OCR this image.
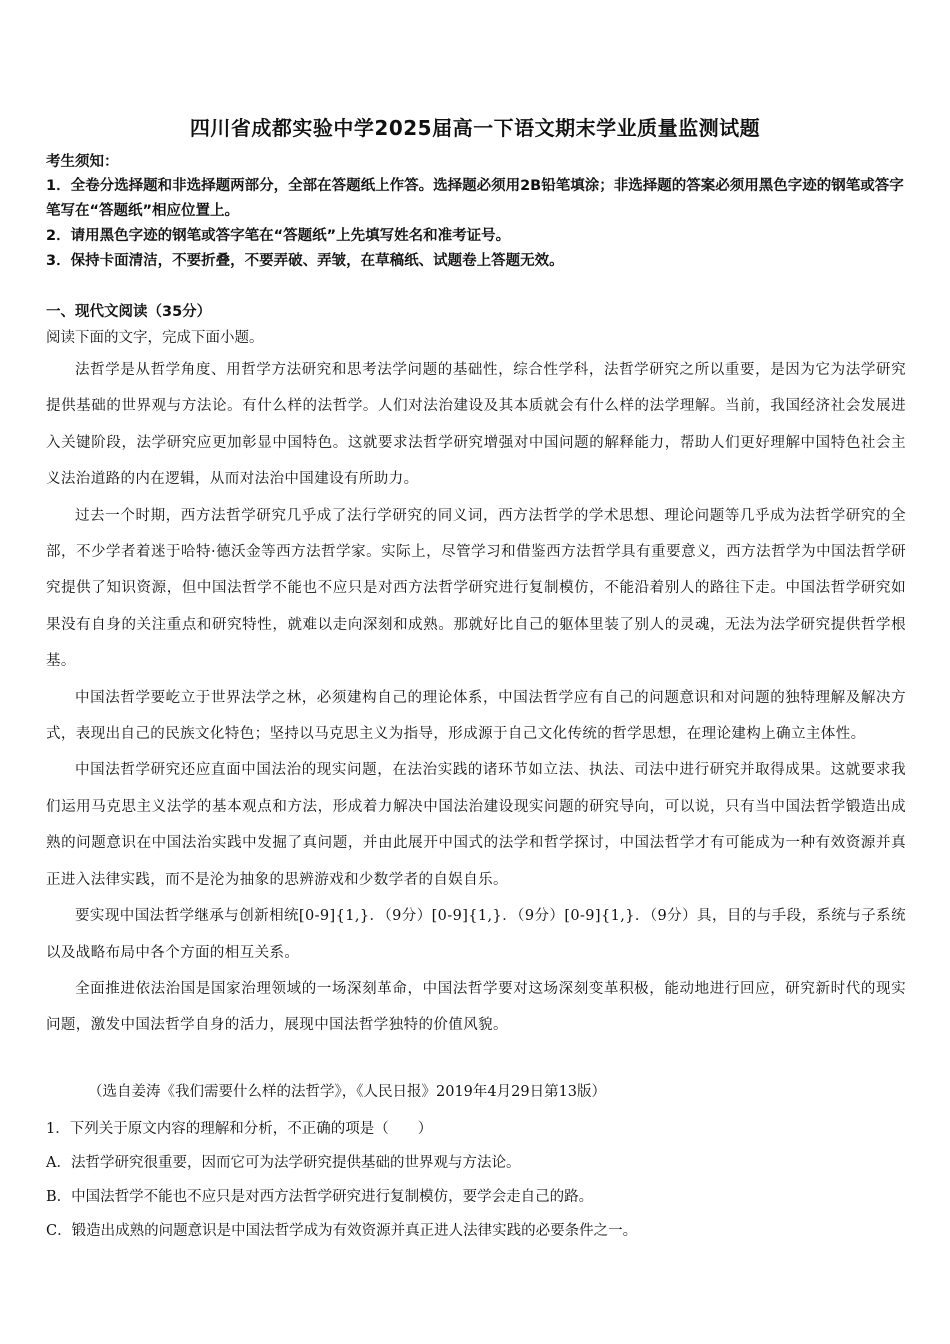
四川省成都实验中学2025届高一下语文期末学业质量监测试题
考生须知：

1．全卷分选择题和非选择题两部分，全部在答题纸上作答。选择题必须用2B铅笔填涂；非选择题的答案必须用黑色字迹的钢笔或答字笔写在“答题纸”相应位置上。

2．请用黑色字迹的钢笔或答字笔在“答题纸”上先填写姓名和准考证号。

3．保持卡面清洁，不要折叠，不要弄破、弄皱，在草稿纸、试题卷上答题无效。

一、现代文阅读（35分）
阅读下面的文字，完成下面小题。

法哲学是从哲学角度、用哲学方法研究和思考法学问题的基础性，综合性学科，法哲学研究之所以重要，是因为它为法学研究提供基础的世界观与方法论。有什么样的法哲学。人们对法治建设及其本质就会有什么样的法学理解。当前，我国经济社会发展进入关键阶段，法学研究应更加彰显中国特色。这就要求法哲学研究增强对中国问题的解释能力，帮助人们更好理解中国特色社会主义法治道路的内在逻辑，从而对法治中国建设有所助力。

过去一个时期，西方法哲学研究几乎成了法行学研究的同义词，西方法哲学的学术思想、理论问题等几乎成为法哲学研究的全部，不少学者着迷于哈特·德沃金等西方法哲学家。实际上，尽管学习和借鉴西方法哲学具有重要意义，西方法哲学为中国法哲学研究提供了知识资源，但中国法哲学不能也不应只是对西方法哲学研究进行复制模仿，不能沿着别人的路往下走。中国法哲学研究如果没有自身的关注重点和研究特性，就难以走向深刻和成熟。那就好比自己的躯体里装了别人的灵魂，无法为法学研究提供哲学根基。

中国法哲学要屹立于世界法学之林，必须建构自己的理论体系，中国法哲学应有自己的问题意识和对问题的独特理解及解决方式，表现出自己的民族文化特色；坚持以马克思主义为指导，形成源于自己文化传统的哲学思想，在理论建构上确立主体性。

中国法哲学研究还应直面中国法治的现实问题，在法治实践的诸环节如立法、执法、司法中进行研究并取得成果。这就要求我们运用马克思主义法学的基本观点和方法，形成着力解决中国法治建设现实问题的研究导向，可以说，只有当中国法哲学锻造出成熟的问题意识在中国法治实践中发掘了真问题，并由此展开中国式的法学和哲学探讨，中国法哲学才有可能成为一种有效资源并真正进入法律实践，而不是沦为抽象的思辨游戏和少数学者的自娱自乐。

要实现中国法哲学继承与创新相统[0-9]{1,}．（9分）[0-9]{1,}．（9分）[0-9]{1,}．（9分）具，目的与手段，系统与子系统以及战略布局中各个方面的相互关系。

全面推进依法治国是国家治理领域的一场深刻革命，中国法哲学要对这场深刻变革积极，能动地进行回应，研究新时代的现实问题，激发中国法哲学自身的活力，展现中国法哲学独特的价值风貌。

（选自姜涛《我们需要什么样的法哲学》，《人民日报》2019年4月29日第13版）

1．下列关于原文内容的理解和分析，不正确的项是（　　）

A．法哲学研究很重要，因而它可为法学研究提供基础的世界观与方法论。

B．中国法哲学不能也不应只是对西方法哲学研究进行复制模仿，要学会走自己的路。

C．锻造出成熟的问题意识是中国法哲学成为有效资源并真正进人法律实践的必要条件之一。
